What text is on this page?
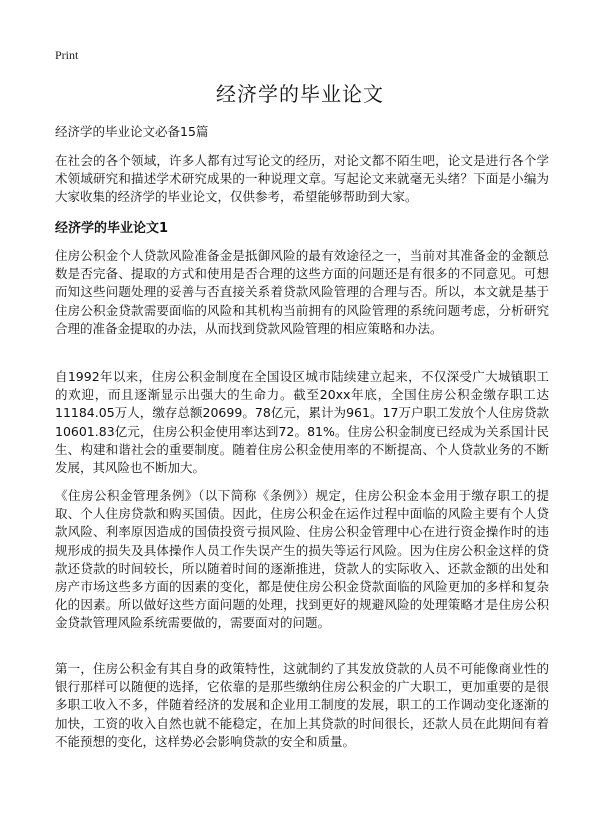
Print
经济学的毕业论文
经济学的毕业论文必备15篇

在社会的各个领域，许多人都有过写论文的经历，对论文都不陌生吧，论文是进行各个学术领域研究和描述学术研究成果的一种说理文章。写起论文来就毫无头绪？下面是小编为大家收集的经济学的毕业论文，仅供参考，希望能够帮助到大家。

经济学的毕业论文1

住房公积金个人贷款风险准备金是抵御风险的最有效途径之一，当前对其准备金的金额总数是否完备、提取的方式和使用是否合理的这些方面的问题还是有很多的不同意见。可想而知这些问题处理的妥善与否直接关系着贷款风险管理的合理与否。所以，本文就是基于住房公积金贷款需要面临的风险和其机构当前拥有的风险管理的系统问题考虑，分析研究合理的准备金提取的办法，从而找到贷款风险管理的相应策略和办法。

自1992年以来，住房公积金制度在全国设区城市陆续建立起来，不仅深受广大城镇职工的欢迎，而且逐渐显示出强大的生命力。截至20xx年底，全国住房公积金缴存职工达11184.05万人，缴存总额20699。78亿元，累计为961。17万户职工发放个人住房贷款10601.83亿元，住房公积金使用率达到72。81%。住房公积金制度已经成为关系国计民生、构建和谐社会的重要制度。随着住房公积金使用率的不断提高、个人贷款业务的不断发展，其风险也不断加大。

《住房公积金管理条例》（以下简称《条例》）规定，住房公积金本金用于缴存职工的提取、个人住房贷款和购买国债。因此，住房公积金在运作过程中面临的风险主要有个人贷款风险、利率原因造成的国债投资亏损风险、住房公积金管理中心在进行资金操作时的违规形成的损失及具体操作人员工作失误产生的损失等运行风险。因为住房公积金这样的贷款还贷款的时间较长，所以随着时间的逐渐推进，贷款人的实际收入、还款金额的出处和房产市场这些多方面的因素的变化，都是使住房公积金贷款面临的风险更加的多样和复杂化的因素。所以做好这些方面问题的处理，找到更好的规避风险的处理策略才是住房公积金贷款管理风险系统需要做的，需要面对的问题。

第一，住房公积金有其自身的政策特性，这就制约了其发放贷款的人员不可能像商业性的银行那样可以随便的选择，它依靠的是那些缴纳住房公积金的广大职工，更加重要的是很多职工收入不多，伴随着经济的发展和企业用工制度的发展，职工的工作调动变化逐渐的加快，工资的收入自然也就不能稳定，在加上其贷款的时间很长，还款人员在此期间有着不能预想的变化，这样势必会影响贷款的安全和质量。
